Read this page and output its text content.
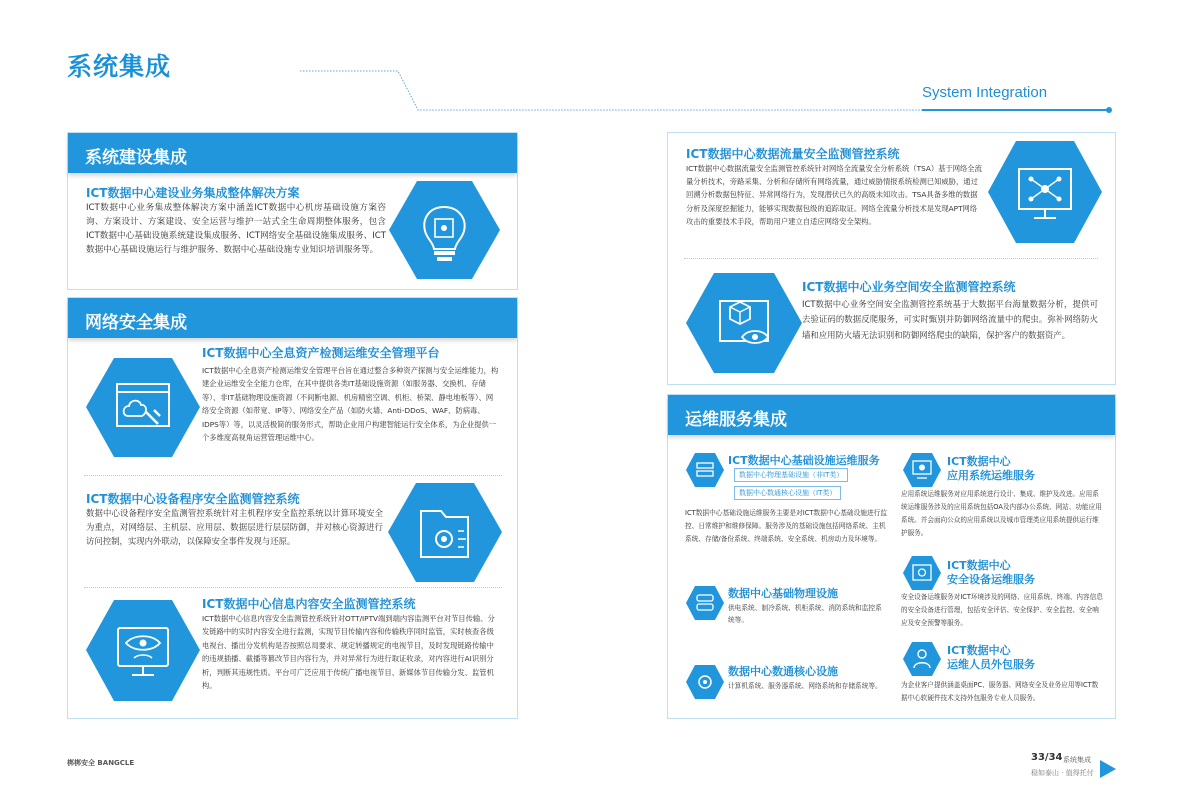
系统集成
System Integration
系统建设集成
ICT数据中心建设业务集成整体解决方案
ICT数据中心业务集成整体解决方案中涵盖ICT数据中心机房基础设施方案咨询、方案设计、方案建设、安全运营与维护一站式全生命周期整体服务，包含ICT数据中心基础设施系统建设集成服务、ICT网络安全基础设施集成服务、ICT数据中心基础设施运行与维护服务、数据中心基础设施专业知识培训服务等。
网络安全集成
ICT数据中心全息资产检测运维安全管理平台
ICT数据中心全息资产检测运维安全管理平台旨在通过整合多种资产探测与安全运维能力，构建企业运维安全全能力仓库，在其中提供各类IT基础设施资源（如服务器、交换机、存储等）、非IT基础物理设施资源（不间断电源、机房精密空调、机柜、桥架、静电地板等）、网络安全资源（如带宽、IP等）、网络安全产品（如防火墙、Anti-DDoS、WAF、防病毒、IDPS等）等，以灵活极简的服务形式，帮助企业用户构建智能运行安全体系，为企业提供一个多维度高视角运营管理运维中心。
ICT数据中心设备程序安全监测管控系统
数据中心设备程序安全监测管控系统针对主机程序安全监控系统以计算环境安全为重点，对网络层、主机层、应用层、数据层进行层层防御，并对核心资源进行访问控制，实现内外联动，以保障安全事件发现与还原。
ICT数据中心信息内容安全监测管控系统
ICT数据中心信息内容安全监测管控系统针对OTT/IPTV端到端内容监测平台对节目传输、分发链路中的实时内容安全进行监测，实现节目传输内容和传输秩序同时监管，实时核查各级电视台、播出分发机构是否按照总局要求、规定转播规定的电视节目，及时发现链路传输中的违规插播、截播等篡改节目内容行为，并对异常行为进行取证收录，对内容进行AI识别分析，判断其违规性质。平台可广泛应用于传统广播电视节目、新媒体节目传输分发、监管机构。
ICT数据中心数据流量安全监测管控系统
ICT数据中心数据流量安全监测管控系统针对网络全流量安全分析系统（TSA）基于网络全流量分析技术，旁路采集、分析和存储所有网络流量，通过威胁情报系统检测已知威胁，通过回溯分析数据包特征、异常网络行为，发现潜伏已久的高级未知攻击。TSA具备多维的数据分析及深度挖掘能力，能够实现数据包级的追踪取证。网络全流量分析技术是发现APT网络攻击的重要技术手段，帮助用户建立自适应网络安全架构。
ICT数据中心业务空间安全监测管控系统
ICT数据中心业务空间安全监测管控系统基于大数据平台海量数据分析，提供可去验证码的数据反爬服务，可实时甄别并防御网络流量中的爬虫。弥补网络防火墙和应用防火墙无法识别和防御网络爬虫的缺陷，保护客户的数据资产。
运维服务集成
ICT数据中心基础设施运维服务
数据中心物理基础设施（非IT类）
数据中心数通核心设施（IT类）
ICT数据中心基础设施运维服务主要是对ICT数据中心基础设施进行监控、日常维护和维修保障。服务涉及的基础设施包括网络系统、主机系统、存储/备份系统、终端系统、安全系统、机房动力及环境等。
数据中心基础物理设施
供电系统、制冷系统、机柜系统、消防系统和监控系统等。
数据中心数通核心设施
计算机系统、服务器系统、网络系统和存储系统等。
ICT数据中心
应用系统运维服务
应用系统运维服务对应用系统进行设计、集成、维护及改进。应用系统运维服务涉及的应用系统包括OA及内部办公系统、网站、功能应用系统。并会面向公众的应用系统以及城市管理类应用系统提供运行维护服务。
ICT数据中心
安全设备运维服务
安全设备运维服务对ICT环境涉及的网络、应用系统、终端、内容信息的安全设备进行管理，包括安全评估、安全保护、安全监控、安全响应及安全预警等服务。
ICT数据中心
运维人员外包服务
为企业客户提供涵盖桌面PC、服务器、网络安全及业务应用等ICT数据中心软硬件技术支持外包服务专业人员服务。
梆梆安全 BANGCLE	33/34 系统集成
稳如泰山 · 值得托付
